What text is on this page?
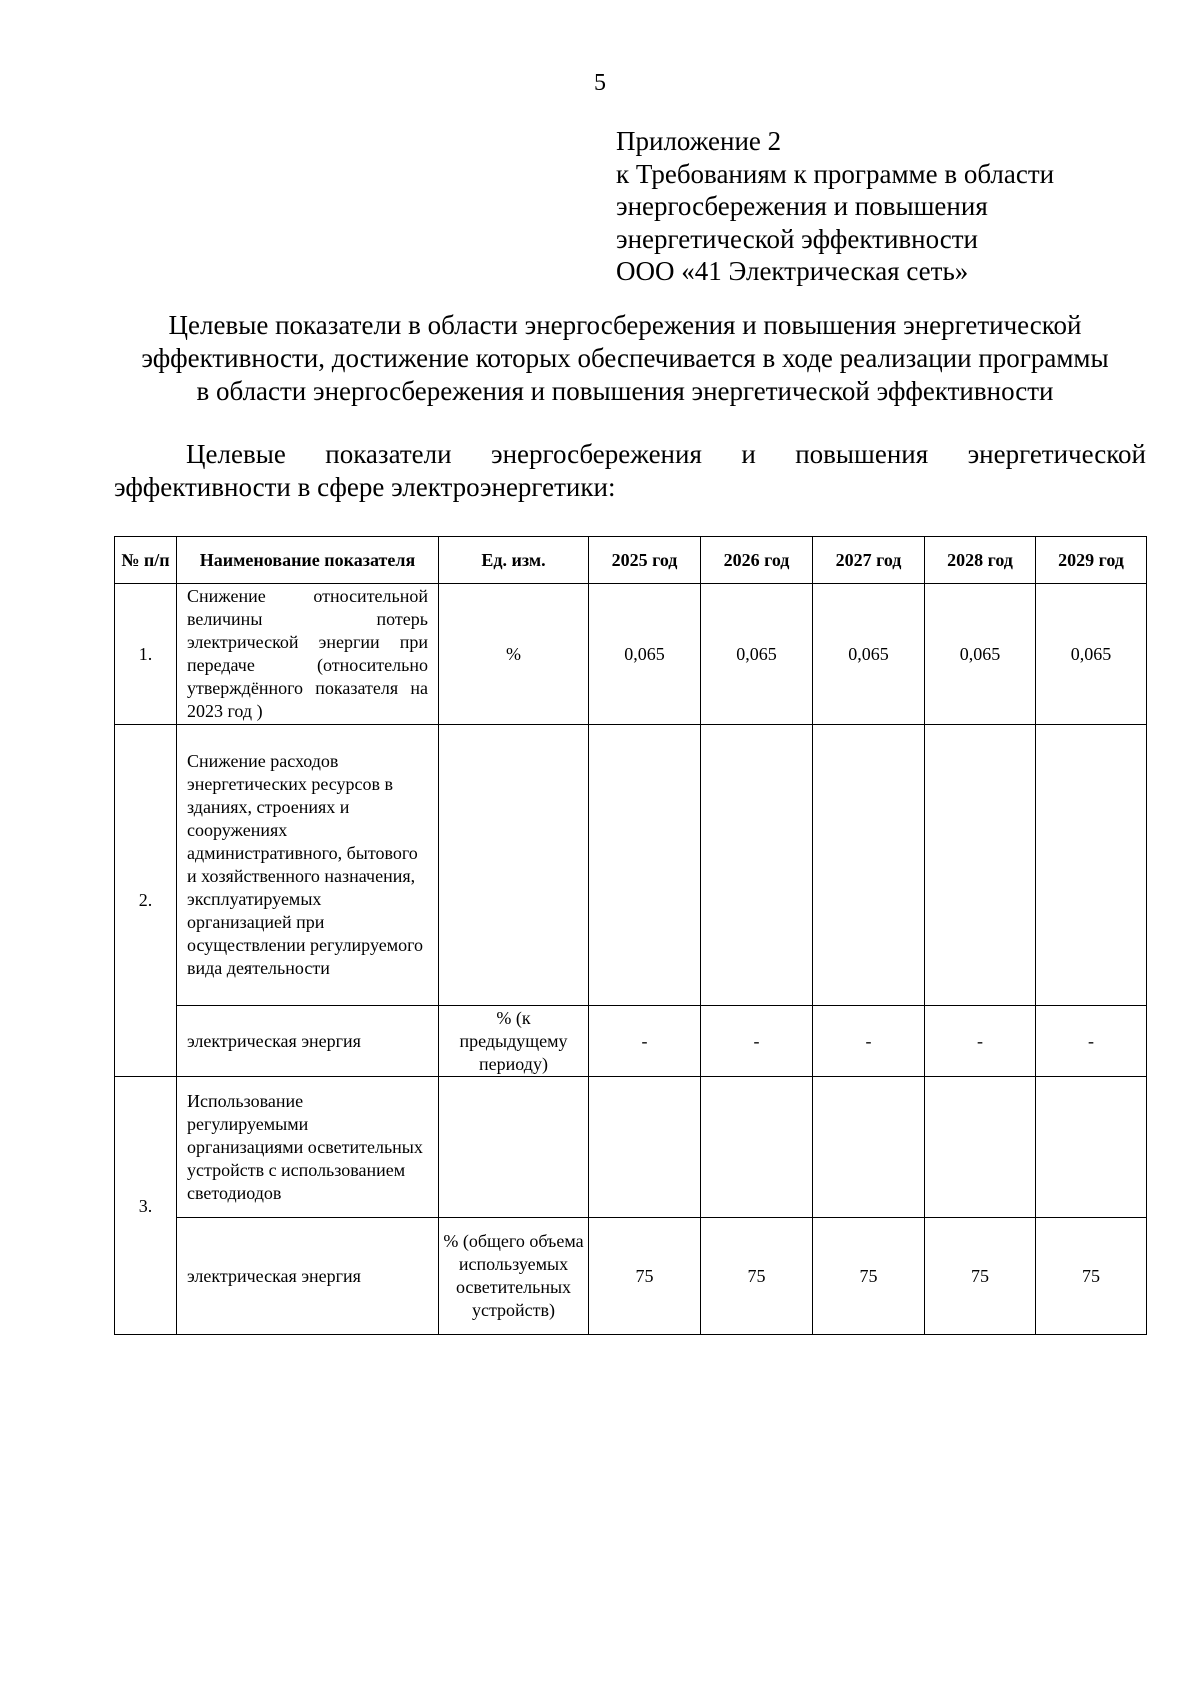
5
Приложение 2
к Требованиям к программе в области
энергосбережения и повышения
энергетической эффективности
ООО «41 Электрическая сеть»
Целевые показатели в области энергосбережения и повышения энергетической
эффективности, достижение которых обеспечивается в ходе реализации программы
в области энергосбережения и повышения энергетической эффективности
Целевые показатели энергосбережения и повышения энергетической
эффективности в сфере электроэнергетики:
№ п/п	Наименование показателя	Ед. изм.	2025 год	2026 год	2027 год	2028 год	2029 год
1.	Снижение относительной величины потерь электрической энергии при передаче (относительно утверждённого показателя на 2023 год )	%	0,065	0,065	0,065	0,065	0,065
2.	Снижение расходов энергетических ресурсов в зданиях, строениях и сооружениях административного, бытового и хозяйственного назначения, эксплуатируемых организацией при осуществлении регулируемого вида деятельности						
	электрическая энергия	% (к предыдущему периоду)	-	-	-	-	-
3.	Использование регулируемыми организациями осветительных устройств с использованием светодиодов						
	электрическая энергия	% (общего объема используемых осветительных устройств)	75	75	75	75	75
